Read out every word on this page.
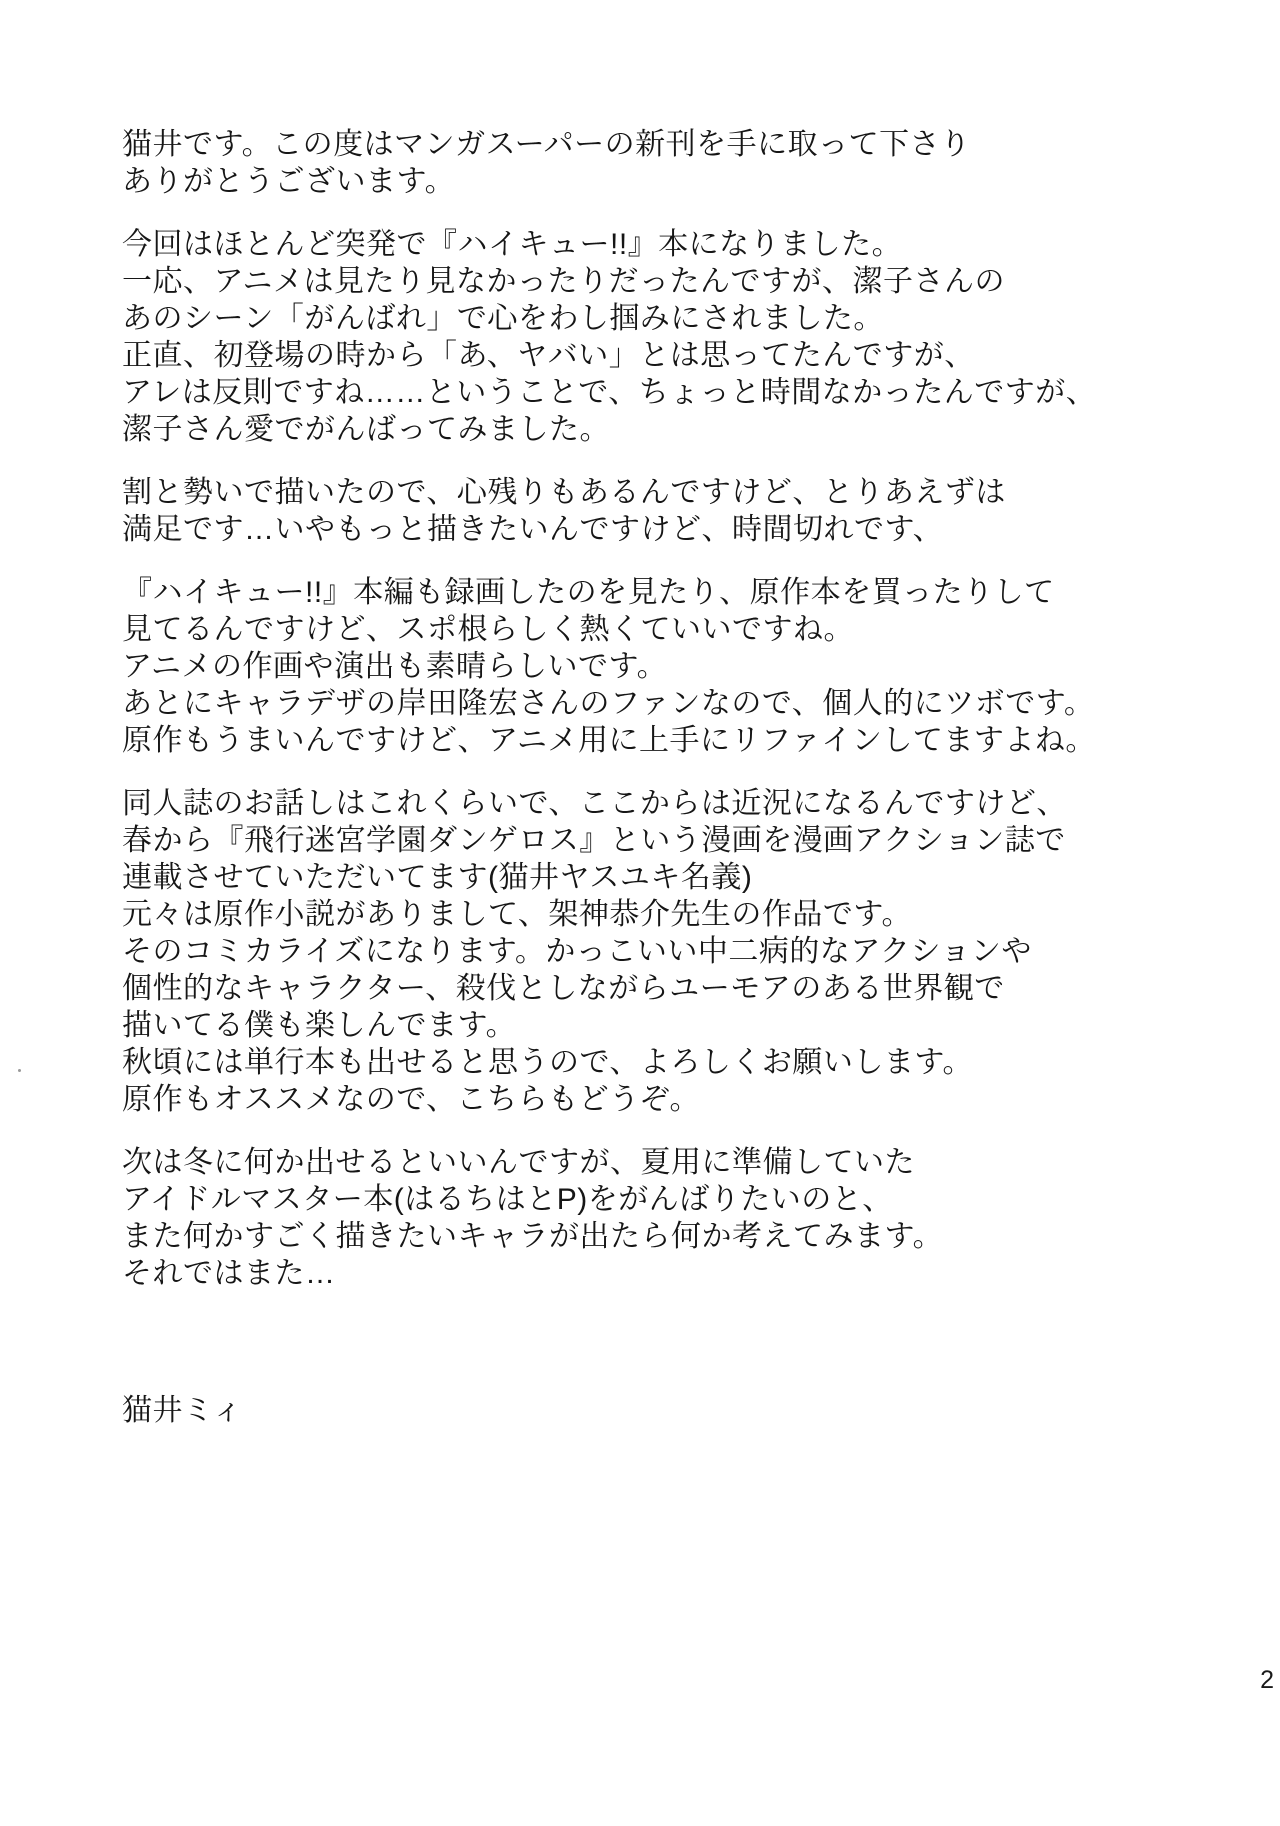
猫井です。この度はマンガスーパーの新刊を手に取って下さり
ありがとうございます。
今回はほとんど突発で『ハイキュー!!』本になりました。
一応、アニメは見たり見なかったりだったんですが、潔子さんの
あのシーン「がんばれ」で心をわし掴みにされました。
正直、初登場の時から「あ、ヤバい」とは思ってたんですが、
アレは反則ですね……ということで、ちょっと時間なかったんですが、
潔子さん愛でがんばってみました。
割と勢いで描いたので、心残りもあるんですけど、とりあえずは
満足です…いやもっと描きたいんですけど、時間切れです、
『ハイキュー!!』本編も録画したのを見たり、原作本を買ったりして
見てるんですけど、スポ根らしく熱くていいですね。
アニメの作画や演出も素晴らしいです。
あとにキャラデザの岸田隆宏さんのファンなので、個人的にツボです。
原作もうまいんですけど、アニメ用に上手にリファインしてますよね。
同人誌のお話しはこれくらいで、ここからは近況になるんですけど、
春から『飛行迷宮学園ダンゲロス』という漫画を漫画アクション誌で
連載させていただいてます(猫井ヤスユキ名義)
元々は原作小説がありまして、架神恭介先生の作品です。
そのコミカライズになります。かっこいい中二病的なアクションや
個性的なキャラクター、殺伐としながらユーモアのある世界観で
描いてる僕も楽しんでます。
秋頃には単行本も出せると思うので、よろしくお願いします。
原作もオススメなので、こちらもどうぞ。
次は冬に何か出せるといいんですが、夏用に準備していた
アイドルマスター本(はるちはとP)をがんばりたいのと、
また何かすごく描きたいキャラが出たら何か考えてみます。
それではまた…
猫井ミィ
2
